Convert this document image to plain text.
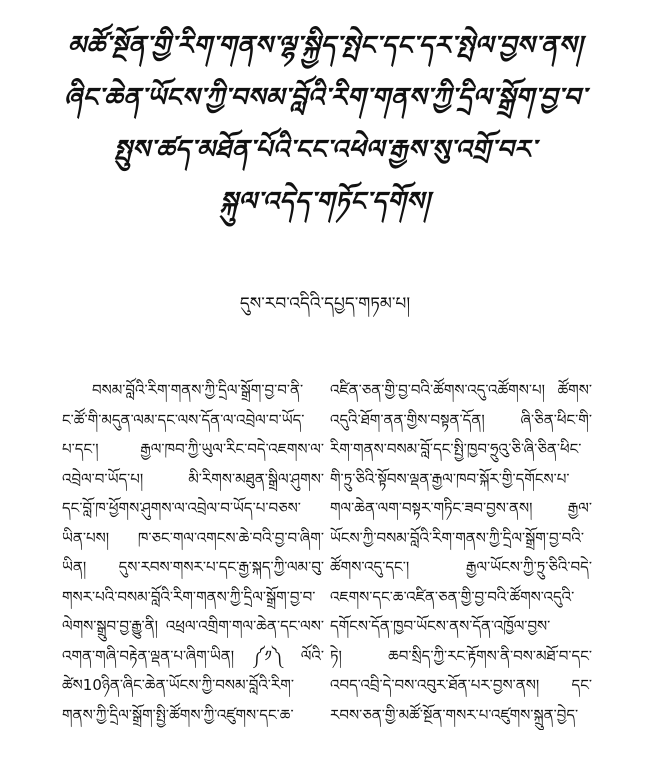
མཚོ་སྔོན་གྱི་རིག་གནས་ལྷ་སྐྱིད་སྤེང་དང་དར་སྤེལ་བྱས་ནས།
ཞིང་ཆེན་ཡོངས་ཀྱི་བསམ་བློའི་རིག་གནས་ཀྱི་དྲིལ་སྒྲོག་བྱ་བ་
སྤུས་ཚད་མཐོན་པོའི་ངང་འཕེལ་རྒྱས་སུ་འགྲོ་བར་
སྐུལ་འདེད་གཏོང་དགོས།
དུས་རབ་འདིའི་དཔྱད་གཏམ་པ།
བསམ་བློའི་རིག་གནས་ཀྱི་དྲིལ་སྒྲོག་བྱ་བ་ནི་
ང་ཚོ་གི་མདུན་ལམ་དང་ལས་དོན་ལ་འབྲེལ་བ་ཡོད་
པ་དང་། རྒྱལ་ཁབ་ཀྱི་ཡུལ་རིང་བདེ་འཇགས་ལ་
འབྲེལ་བ་ཡོད་པ། མི་རིགས་མཐུན་སྒྲིལ་ཤུགས་
དང་བློ་ཁ་ཕྱོགས་ཤུགས་ལ་འབྲེལ་བ་ཡོད་པ་བཅས་
ཡིན་པས། ཁ་ཅང་གལ་འགངས་ཆེ་བའི་བྱ་བ་ཞིག་
ཡིན། དུས་རབས་གསར་པ་དང་རྒྱ་སྐད་ཀྱི་ལམ་བུ་
གསར་པའི་བསམ་བློའི་རིག་གནས་ཀྱི་དྲིལ་སྒྲོག་བྱ་བ་
ལེགས་སྒྲུབ་བྱ་རྒྱུ་ནི། འཕྲལ་འགྲིག་གལ་ཆེན་དང་ལས་
འགན་གཞི་བརྟེན་ལྡན་པ་ཞིག་ཡིན། ༼༡༽ ལོའི་
ཚེས10ཉིན་ཞིང་ཆེན་ཡོངས་ཀྱི་བསམ་བློའི་རིག་
གནས་ཀྱི་དྲིལ་སྒྲོག་སྤྱི་ཚོགས་ཀྱི་འཛུགས་དང་ཆ་
འཛིན་ཅན་གྱི་བྱ་བའི་ཚོགས་འདུ་འཚོགས་པ། ཚོགས་
འདུའི་ཐོག་ནན་གྱིས་བསྟན་དོན། ཞི་ཅིན་ཕིང་གི་
རིག་གནས་བསམ་བློ་དང་སྤྱི་ཁྱབ་ཧྲུའུ་ཅི་ཞི་ཅིན་ཕིང་
གི་ཏྲུ་ཅིའི་སྟོབས་ལྡན་རྒྱལ་ཁབ་སྐོར་གྱི་དགོངས་པ་
གལ་ཆེན་ལག་བསྟར་གཏིང་ཟབ་བྱས་ནས། རྒྱལ་
ཡོངས་ཀྱི་བསམ་བློའི་རིག་གནས་ཀྱི་དྲིལ་སྒྲོག་བྱ་བའི་
ཚོགས་འདུ་དང་། རྒྱལ་ཡོངས་ཀྱི་ཏྲུ་ཅིའི་བདེ་
འཇགས་དང་ཆ་འཛིན་ཅན་གྱི་བྱ་བའི་ཚོགས་འདུའི་
དགོངས་དོན་ཁྱབ་ཡོངས་ནས་དོན་འཁྱོལ་བྱས་
ཏེ། ཆབ་སྲིད་ཀྱི་རང་རྟོགས་ནི་བས་མཐོ་བ་དང་
འབད་འབྲི་དེ་བས་འབུར་ཐོན་པར་བྱས་ནས། དང་
རབས་ཅན་གྱི་མཚོ་སྔོན་གསར་པ་འཛུགས་སྐྲུན་བྱེད་
